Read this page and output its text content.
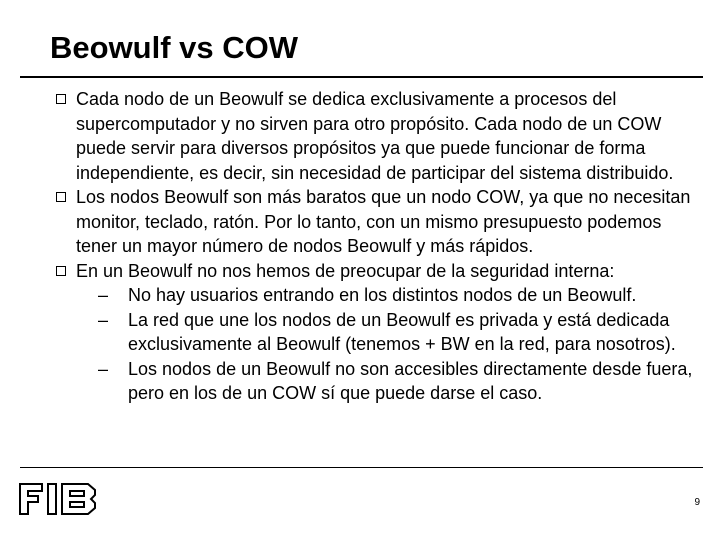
Beowulf vs COW
Cada nodo de un Beowulf se dedica exclusivamente a procesos del supercomputador y no sirven para otro propósito. Cada nodo de un COW puede servir para diversos propósitos ya que puede funcionar de forma independiente, es decir, sin necesidad de participar del sistema distribuido.
Los nodos Beowulf son más baratos que un nodo COW, ya que no necesitan monitor, teclado, ratón. Por lo tanto, con un mismo presupuesto podemos tener un mayor número de nodos Beowulf y más rápidos.
En un Beowulf no nos hemos de preocupar de la seguridad interna:
– No hay usuarios entrando en los distintos nodos de un Beowulf.
– La red que une los nodos de un Beowulf es privada y está dedicada exclusivamente al Beowulf (tenemos + BW en la red, para nosotros).
– Los nodos de un Beowulf no son accesibles directamente desde fuera, pero en los de un COW sí que puede darse el caso.
9
